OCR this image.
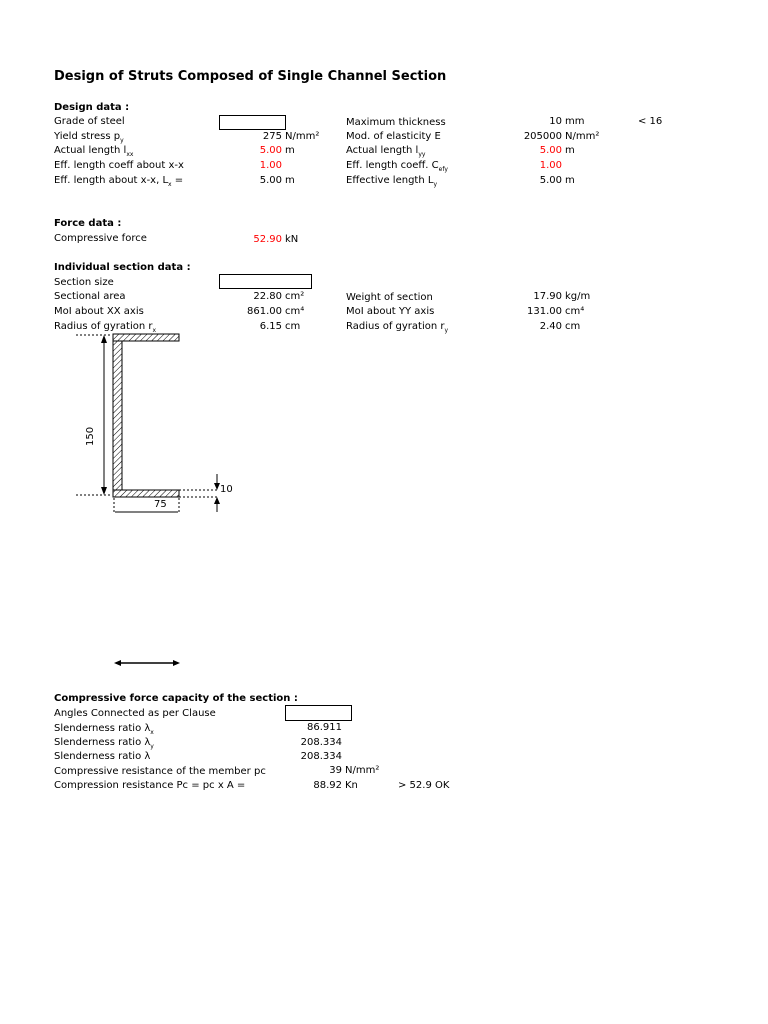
Design of Struts Composed of Single Channel Section
Design data :
Grade of steel
Yield stress $p_y$	275 N/mm²
Actual length $l_{xx}$	5.00 m
Eff. length coeff about x-x	1.00
Eff. length about x-x, $L_x$ =	5.00 m
Maximum thickness	10 mm	< 16
Mod. of elasticity E	205000 N/mm²
Actual length $l_{yy}$	5.00 m
Eff. length coeff. $C_{efy}$	1.00
Effective length $L_y$	5.00 m
Force data :
Compressive force	52.90 kN
Individual section data :
Section size
Sectional area	22.80 cm²
MoI about XX axis	861.00 cm⁴
Radius of gyration $r_x$	6.15 cm
Weight of section	17.90 kg/m
MoI about YY axis	131.00 cm⁴
Radius of gyration $r_y$	2.40 cm
150
75
10
Compressive force capacity of the section :
Angles Connected as per Clause
Slenderness ratio $\lambda_x$	86.911
Slenderness ratio $\lambda_y$	208.334
Slenderness ratio λ	208.334
Compressive resistance of the member pc	39 N/mm²
Compression resistance Pc = pc x A =	88.92 Kn	> 52.9 OK
